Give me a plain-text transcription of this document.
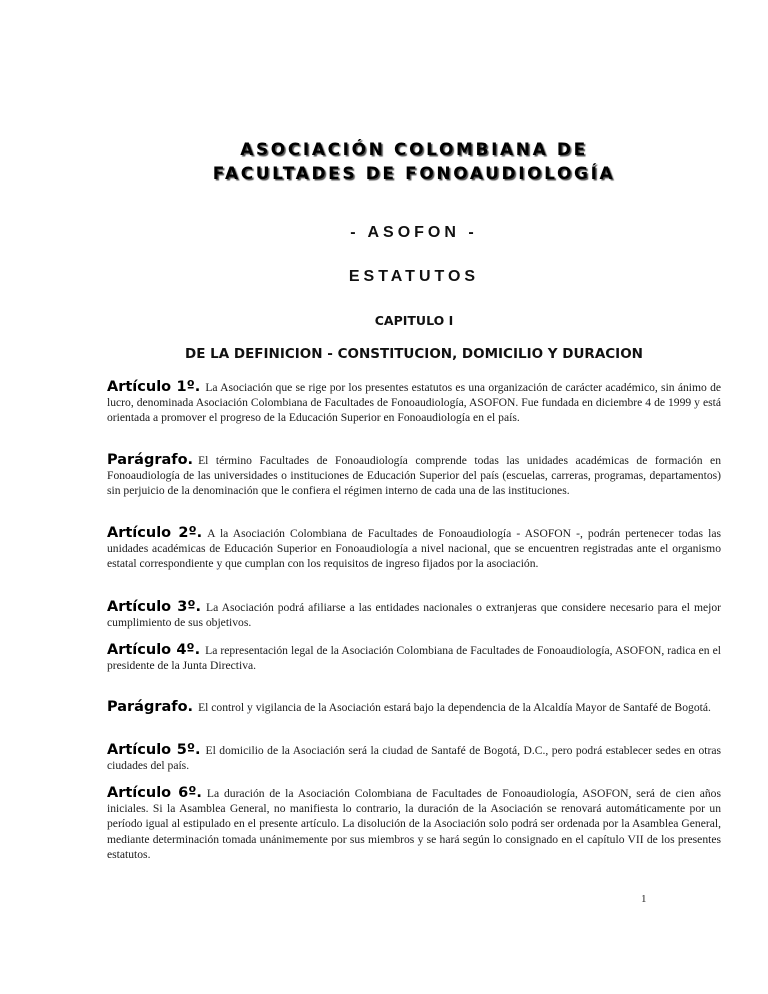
ASOCIACIÓN COLOMBIANA DE

FACULTADES DE FONOAUDIOLOGÍA

- ASOFON -

ESTATUTOS

CAPITULO I

DE LA DEFINICION - CONSTITUCION, DOMICILIO Y DURACION

Artículo 1º. La Asociación que se rige por los presentes estatutos es una organización de carácter académico, sin ánimo de lucro, denominada Asociación Colombiana de Facultades de Fonoaudiología, ASOFON. Fue fundada en diciembre 4 de 1999 y está orientada a promover el progreso de la Educación Superior en Fonoaudiología en el país.

Parágrafo. El término Facultades de Fonoaudiología comprende todas las unidades académicas de formación en Fonoaudiología de las universidades o instituciones de Educación Superior del país (escuelas, carreras, programas, departamentos) sin perjuicio de la denominación que le confiera el régimen interno de cada una de las instituciones.

Artículo 2º. A la Asociación Colombiana de Facultades de Fonoaudiología - ASOFON -, podrán pertenecer todas las unidades académicas de Educación Superior en Fonoaudiología a nivel nacional, que se encuentren registradas ante el organismo estatal correspondiente y que cumplan con los requisitos de ingreso fijados por la asociación.

Artículo 3º. La Asociación podrá afiliarse a las entidades nacionales o extranjeras que considere necesario para el mejor cumplimiento de sus objetivos.

Artículo 4º. La representación legal de la Asociación Colombiana de Facultades de Fonoaudiología, ASOFON, radica en el presidente de la Junta Directiva.

Parágrafo. El control y vigilancia de la Asociación estará bajo la dependencia de la Alcaldía Mayor de Santafé de Bogotá.

Artículo 5º. El domicilio de la Asociación será la ciudad de Santafé de Bogotá, D.C., pero podrá establecer sedes en otras ciudades del país.

Artículo 6º. La duración de la Asociación Colombiana de Facultades de Fonoaudiología, ASOFON, será de cien años iniciales. Si la Asamblea General, no manifiesta lo contrario, la duración de la Asociación se renovará automáticamente por un período igual al estipulado en el presente artículo. La disolución de la Asociación solo podrá ser ordenada por la Asamblea General, mediante determinación tomada unánimemente por sus miembros y se hará según lo consignado en el capítulo VII de los presentes estatutos.

1
